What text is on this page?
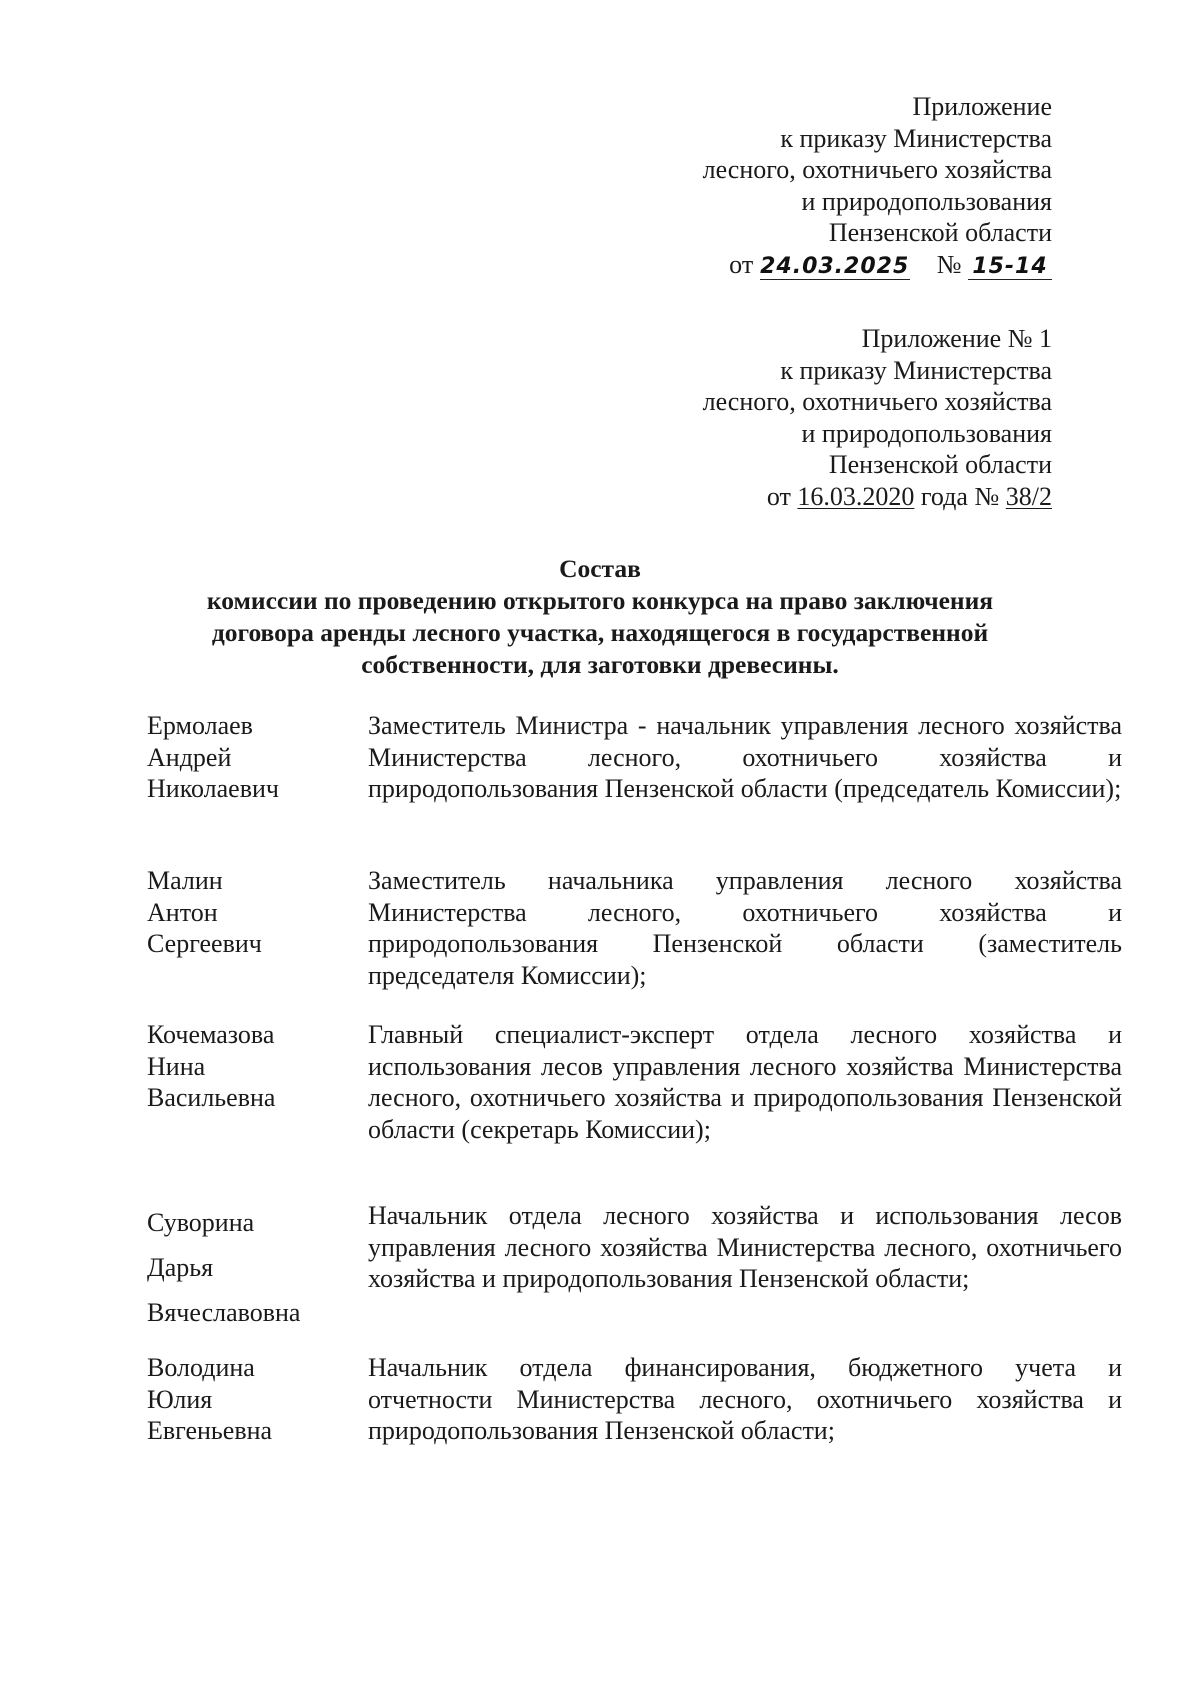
Приложение
к приказу Министерства
лесного, охотничьего хозяйства
и природопользования
Пензенской области
от 24.03.2025 № 15-14
Приложение № 1
к приказу Министерства
лесного, охотничьего хозяйства
и природопользования
Пензенской области
от 16.03.2020 года № 38/2
Состав
комиссии по проведению открытого конкурса на право заключения
договора аренды лесного участка, находящегося в государственной
собственности, для заготовки древесины.
Ермолаев
Андрей
Николаевич
Заместитель Министра - начальник управления лесного хозяйства Министерства лесного, охотничьего хозяйства и природопользования Пензенской области (председатель Комиссии);
Малин
Антон
Сергеевич
Заместитель начальника управления лесного хозяйства Министерства лесного, охотничьего хозяйства и природопользования Пензенской области (заместитель председателя Комиссии);
Кочемазова
Нина
Васильевна
Главный специалист-эксперт отдела лесного хозяйства и использования лесов управления лесного хозяйства Министерства лесного, охотничьего хозяйства и природопользования Пензенской области (секретарь Комиссии);
Суворина
Дарья
Вячеславовна
Начальник отдела лесного хозяйства и использования лесов управления лесного хозяйства Министерства лесного, охотничьего хозяйства и природопользования Пензенской области;
Володина
Юлия
Евгеньевна
Начальник отдела финансирования, бюджетного учета и отчетности Министерства лесного, охотничьего хозяйства и природопользования Пензенской области;
